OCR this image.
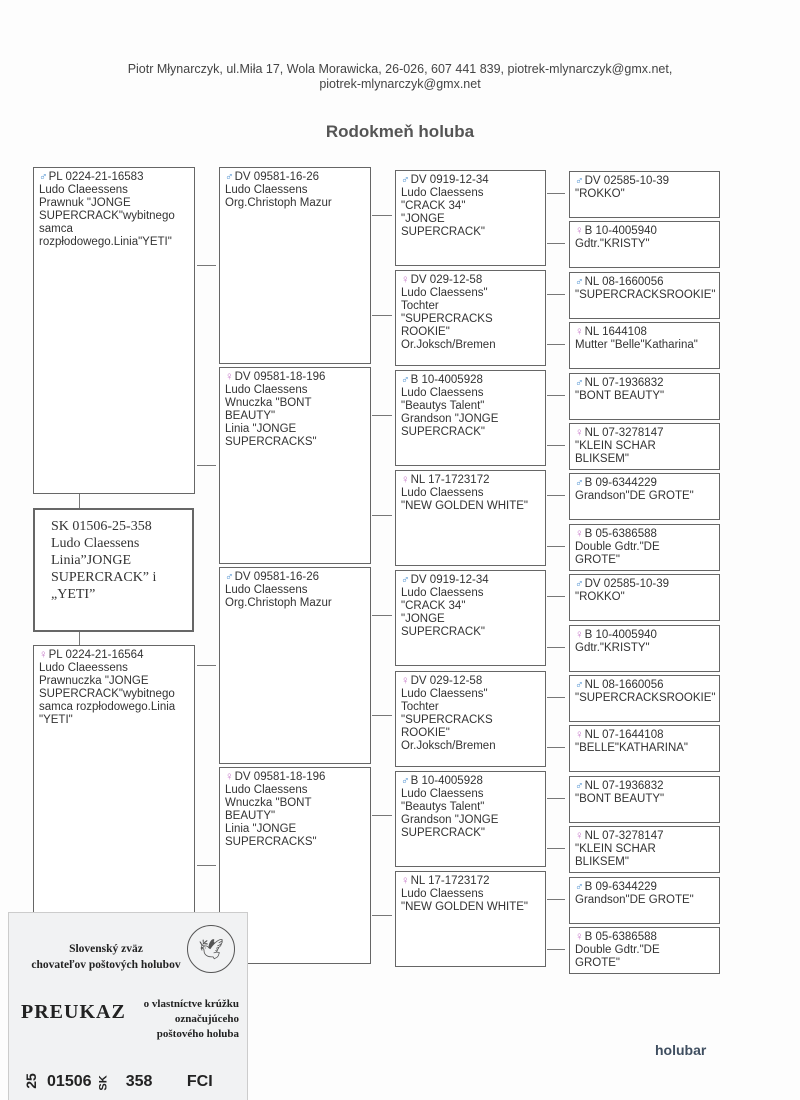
Piotr Młynarczyk, ul.Miła 17, Wola Morawicka, 26-026, 607 441 839, piotrek-mlynarczyk@gmx.net,
piotrek-mlynarczyk@gmx.net
Rodokmeň holuba
SK 01506-25-358
Ludo Claessens
Linia”JONGE
SUPERCRACK” i
„YETI”
♂PL 0224-21-16583
Ludo Claeessens
Prawnuk "JONGE
SUPERCRACK"wybitnego
samca
rozpłodowego.Linia"YETI"
♀PL 0224-21-16564
Ludo Claeessens
Prawnuczka "JONGE
SUPERCRACK"wybitnego
samca rozpłodowego.Linia
"YETI"
♂DV 09581-16-26
Ludo Claessens
Org.Christoph Mazur
♀DV 09581-18-196
Ludo Claessens
Wnuczka "BONT
BEAUTY"
Linia "JONGE
SUPERCRACKS"
♂DV 09581-16-26
Ludo Claessens
Org.Christoph Mazur
♀DV 09581-18-196
Ludo Claessens
Wnuczka "BONT
BEAUTY"
Linia "JONGE
SUPERCRACKS"
♂DV 0919-12-34
Ludo Claessens
"CRACK 34"
"JONGE
SUPERCRACK"
♀DV 029-12-58
Ludo Claessens"
Tochter
"SUPERCRACKS
ROOKIE"
Or.Joksch/Bremen
♂B 10-4005928
Ludo Claessens
"Beautys Talent"
Grandson "JONGE
SUPERCRACK"
♀NL 17-1723172
Ludo Claessens
"NEW GOLDEN WHITE"
♂DV 0919-12-34
Ludo Claessens
"CRACK 34"
"JONGE
SUPERCRACK"
♀DV 029-12-58
Ludo Claessens"
Tochter
"SUPERCRACKS
ROOKIE"
Or.Joksch/Bremen
♂B 10-4005928
Ludo Claessens
"Beautys Talent"
Grandson "JONGE
SUPERCRACK"
♀NL 17-1723172
Ludo Claessens
"NEW GOLDEN WHITE"
♂DV 02585-10-39
"ROKKO"
♀B 10-4005940
Gdtr."KRISTY"
♂NL 08-1660056
"SUPERCRACKSROOKIE"
♀NL 1644108
Mutter "Belle"Katharina"
♂NL 07-1936832
"BONT BEAUTY"
♀NL 07-3278147
"KLEIN SCHAR
BLIKSEM"
♂B 09-6344229
Grandson"DE GROTE"
♀B 05-6386588
Double Gdtr."DE
GROTE"
♂DV 02585-10-39
"ROKKO"
♀B 10-4005940
Gdtr."KRISTY"
♂NL 08-1660056
"SUPERCRACKSROOKIE"
♀NL 07-1644108
"BELLE"KATHARINA"
♂NL 07-1936832
"BONT BEAUTY"
♀NL 07-3278147
"KLEIN SCHAR
BLIKSEM"
♂B 09-6344229
Grandson"DE GROTE"
♀B 05-6386588
Double Gdtr."DE
GROTE"
🕊
Slovenský zväz
chovateľov poštových holubov
PREUKAZ	o vlastníctve krúžku
označujúceho
poštového holuba
25 01506 SK 358 FCI
holubar
